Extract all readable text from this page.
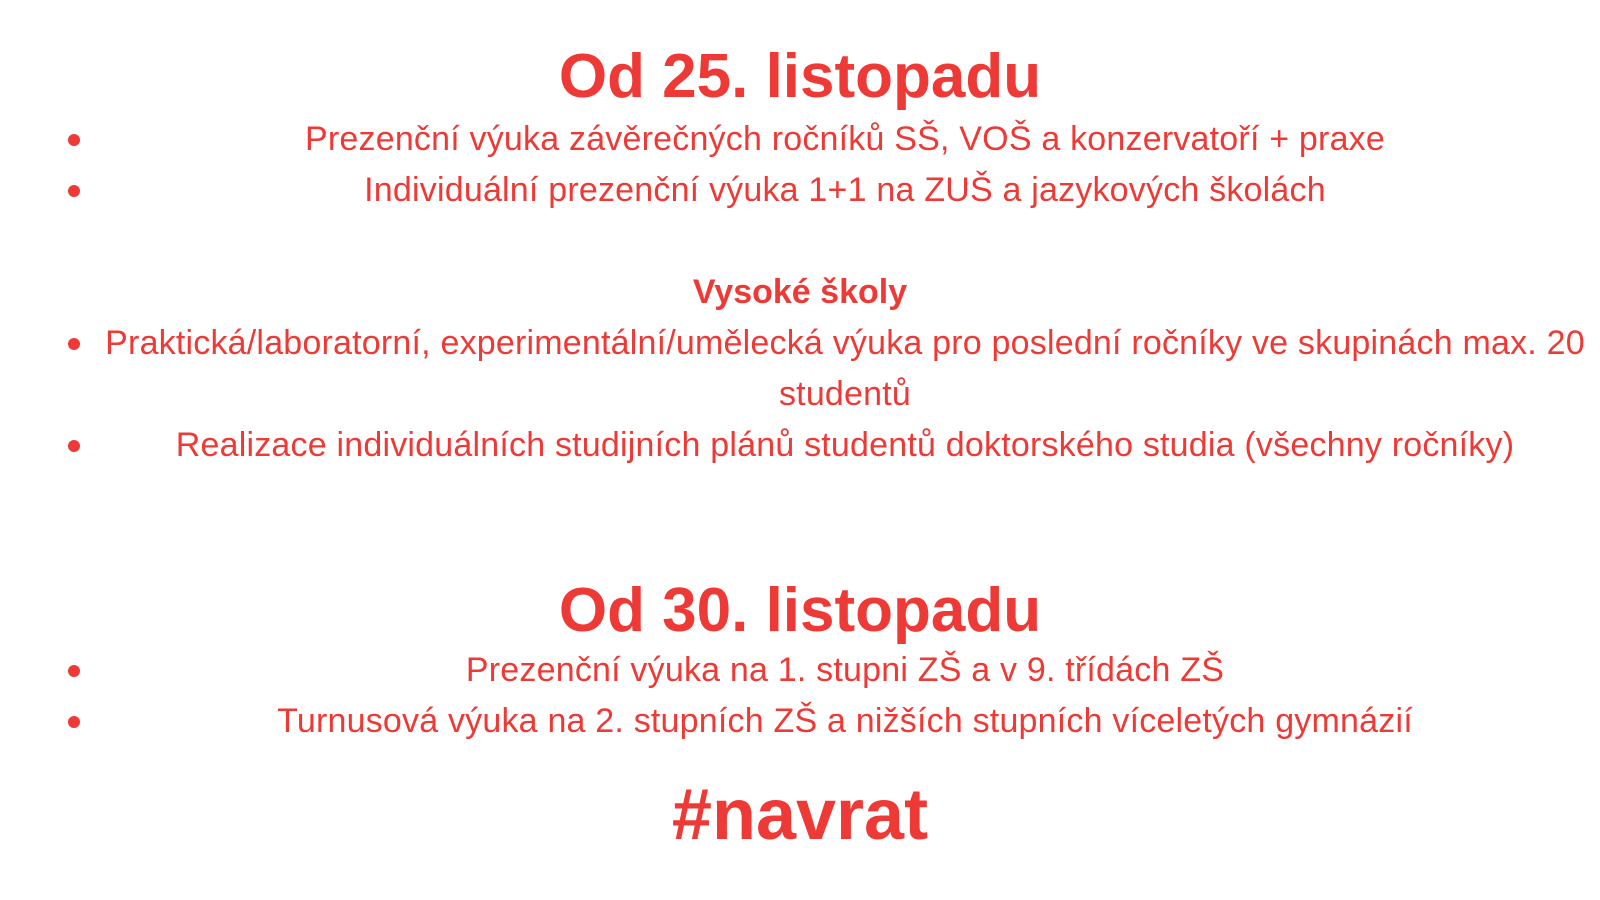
Od 25. listopadu
Prezenční výuka závěrečných ročníků SŠ, VOŠ a konzervatoří + praxe
Individuální prezenční výuka 1+1 na ZUŠ a jazykových školách
Vysoké školy
Praktická/laboratorní, experimentální/umělecká výuka pro poslední ročníky ve skupinách max. 20 studentů
Realizace individuálních studijních plánů studentů doktorského studia (všechny ročníky)
Od 30. listopadu
Prezenční výuka na 1. stupni ZŠ a v 9. třídách ZŠ
Turnusová výuka na 2. stupních ZŠ a nižších stupních víceletých gymnázií
#navrat
